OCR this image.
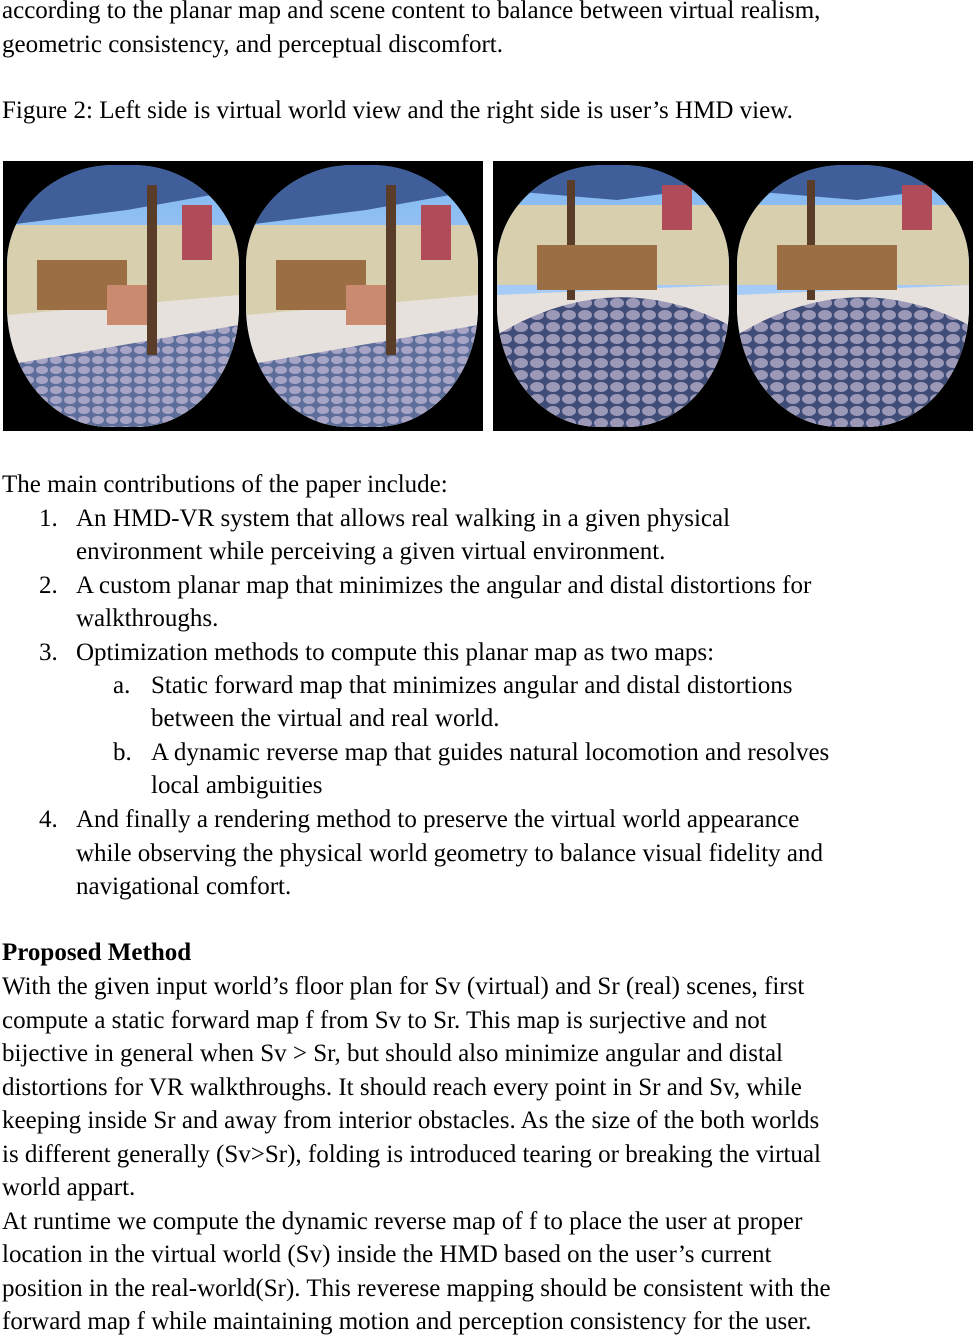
according to the planar map and scene content to balance between virtual realism,
geometric consistency, and perceptual discomfort.
Figure 2: Left side is virtual world view and the right side is user’s HMD view.
The main contributions of the paper include:
1. An HMD-VR system that allows real walking in a given physical
environment while perceiving a given virtual environment.
2. A custom planar map that minimizes the angular and distal distortions for
walkthroughs.
3. Optimization methods to compute this planar map as two maps:
a. Static forward map that minimizes angular and distal distortions
between the virtual and real world.
b. A dynamic reverse map that guides natural locomotion and resolves
local ambiguities
4. And finally a rendering method to preserve the virtual world appearance
while observing the physical world geometry to balance visual fidelity and
navigational comfort.
Proposed Method
With the given input world’s floor plan for Sv (virtual) and Sr (real) scenes, first
compute a static forward map f from Sv to Sr. This map is surjective and not
bijective in general when Sv > Sr, but should also minimize angular and distal
distortions for VR walkthroughs. It should reach every point in Sr and Sv, while
keeping inside Sr and away from interior obstacles. As the size of the both worlds
is different generally (Sv>Sr), folding is introduced tearing or breaking the virtual
world appart.
At runtime we compute the dynamic reverse map of f to place the user at proper
location in the virtual world (Sv) inside the HMD based on the user’s current
position in the real-world(Sr). This reverese mapping should be consistent with the
forward map f while maintaining motion and perception consistency for the user.
